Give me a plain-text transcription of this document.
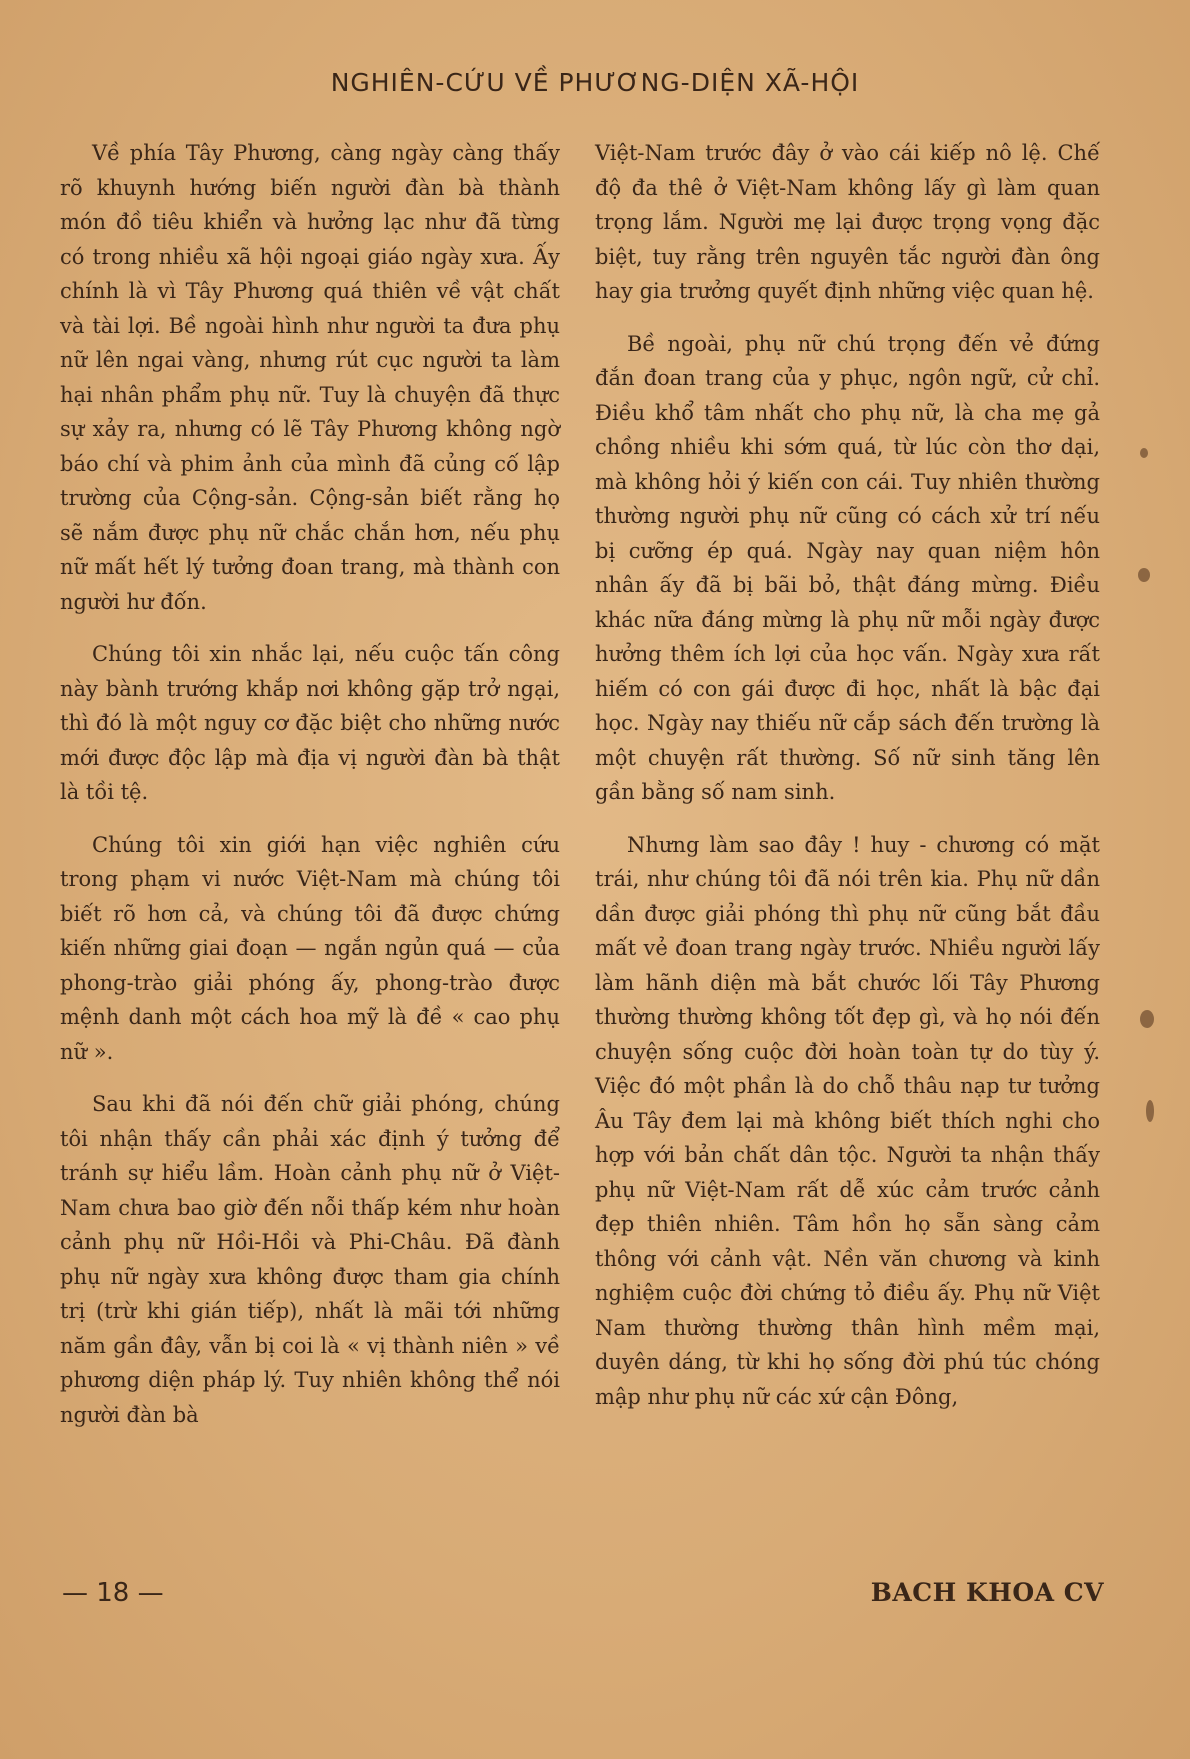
NGHIÊN-CỨU VỀ PHƯƠNG-DIỆN XÃ-HỘI

Về phía Tây Phương, càng ngày càng thấy rõ khuynh hướng biến người đàn bà thành món đồ tiêu khiển và hưởng lạc như đã từng có trong nhiều xã hội ngoại giáo ngày xưa. Ấy chính là vì Tây Phương quá thiên về vật chất và tài lợi. Bề ngoài hình như người ta đưa phụ nữ lên ngai vàng, nhưng rút cục người ta làm hại nhân phẩm phụ nữ. Tuy là chuyện đã thực sự xảy ra, nhưng có lẽ Tây Phương không ngờ báo chí và phim ảnh của mình đã củng cố lập trường của Cộng-sản. Cộng-sản biết rằng họ sẽ nắm được phụ nữ chắc chắn hơn, nếu phụ nữ mất hết lý tưởng đoan trang, mà thành con người hư đốn.

Chúng tôi xin nhắc lại, nếu cuộc tấn công này bành trướng khắp nơi không gặp trở ngại, thì đó là một nguy cơ đặc biệt cho những nước mới được độc lập mà địa vị người đàn bà thật là tồi tệ.

Chúng tôi xin giới hạn việc nghiên cứu trong phạm vi nước Việt-Nam mà chúng tôi biết rõ hơn cả, và chúng tôi đã được chứng kiến những giai đoạn — ngắn ngủn quá — của phong-trào giải phóng ấy, phong-trào được mệnh danh một cách hoa mỹ là đề « cao phụ nữ ».

Sau khi đã nói đến chữ giải phóng, chúng tôi nhận thấy cần phải xác định ý tưởng để tránh sự hiểu lầm. Hoàn cảnh phụ nữ ở Việt-Nam chưa bao giờ đến nỗi thấp kém như hoàn cảnh phụ nữ Hồi-Hồi và Phi-Châu. Đã đành phụ nữ ngày xưa không được tham gia chính trị (trừ khi gián tiếp), nhất là mãi tới những năm gần đây, vẫn bị coi là « vị thành niên » về phương diện pháp lý. Tuy nhiên không thể nói người đàn bà

Việt-Nam trước đây ở vào cái kiếp nô lệ. Chế độ đa thê ở Việt-Nam không lấy gì làm quan trọng lắm. Người mẹ lại được trọng vọng đặc biệt, tuy rằng trên nguyên tắc người đàn ông hay gia trưởng quyết định những việc quan hệ.

Bề ngoài, phụ nữ chú trọng đến vẻ đứng đắn đoan trang của y phục, ngôn ngữ, cử chỉ. Điều khổ tâm nhất cho phụ nữ, là cha mẹ gả chồng nhiều khi sớm quá, từ lúc còn thơ dại, mà không hỏi ý kiến con cái. Tuy nhiên thường thường người phụ nữ cũng có cách xử trí nếu bị cưỡng ép quá. Ngày nay quan niệm hôn nhân ấy đã bị bãi bỏ, thật đáng mừng. Điều khác nữa đáng mừng là phụ nữ mỗi ngày được hưởng thêm ích lợi của học vấn. Ngày xưa rất hiếm có con gái được đi học, nhất là bậc đại học. Ngày nay thiếu nữ cắp sách đến trường là một chuyện rất thường. Số nữ sinh tăng lên gần bằng số nam sinh.

Nhưng làm sao đây ! huy - chương có mặt trái, như chúng tôi đã nói trên kia. Phụ nữ dần dần được giải phóng thì phụ nữ cũng bắt đầu mất vẻ đoan trang ngày trước. Nhiều người lấy làm hãnh diện mà bắt chước lối Tây Phương thường thường không tốt đẹp gì, và họ nói đến chuyện sống cuộc đời hoàn toàn tự do tùy ý. Việc đó một phần là do chỗ thâu nạp tư tưởng Âu Tây đem lại mà không biết thích nghi cho hợp với bản chất dân tộc. Người ta nhận thấy phụ nữ Việt-Nam rất dễ xúc cảm trước cảnh đẹp thiên nhiên. Tâm hồn họ sẵn sàng cảm thông với cảnh vật. Nền văn chương và kinh nghiệm cuộc đời chứng tỏ điều ấy. Phụ nữ Việt Nam thường thường thân hình mềm mại, duyên dáng, từ khi họ sống đời phú túc chóng mập như phụ nữ các xứ cận Đông,

— 18 —	BACH KHOA CV
